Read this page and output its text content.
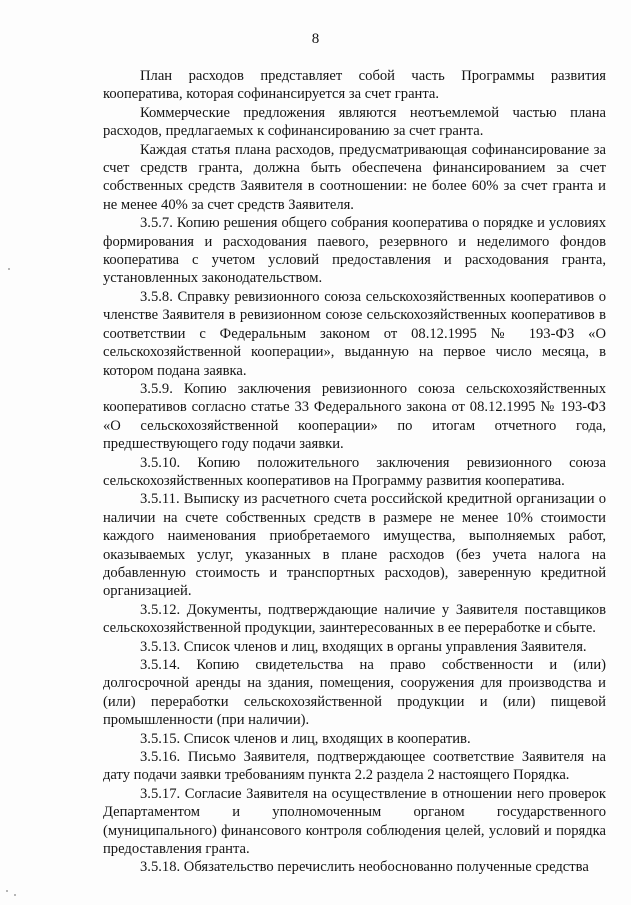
8

План расходов представляет собой часть Программы развития кооператива, которая софинансируется за счет гранта.

Коммерческие предложения являются неотъемлемой частью плана расходов, предлагаемых к софинансированию за счет гранта.

Каждая статья плана расходов, предусматривающая софинансирование за счет средств гранта, должна быть обеспечена финансированием за счет собственных средств Заявителя в соотношении: не более 60% за счет гранта и не менее 40% за счет средств Заявителя.

3.5.7. Копию решения общего собрания кооператива о порядке и условиях формирования и расходования паевого, резервного и неделимого фондов кооператива с учетом условий предоставления и расходования гранта, установленных законодательством.

3.5.8. Справку ревизионного союза сельскохозяйственных кооперативов о членстве Заявителя в ревизионном союзе сельскохозяйственных кооперативов в соответствии с Федеральным законом от 08.12.1995 № 193-ФЗ «О сельскохозяйственной кооперации», выданную на первое число месяца, в котором подана заявка.

3.5.9. Копию заключения ревизионного союза сельскохозяйственных кооперативов согласно статье 33 Федерального закона от 08.12.1995 № 193-ФЗ «О сельскохозяйственной кооперации» по итогам отчетного года, предшествующего году подачи заявки.

3.5.10. Копию положительного заключения ревизионного союза сельскохозяйственных кооперативов на Программу развития кооператива.

3.5.11. Выписку из расчетного счета российской кредитной организации о наличии на счете собственных средств в размере не менее 10% стоимости каждого наименования приобретаемого имущества, выполняемых работ, оказываемых услуг, указанных в плане расходов (без учета налога на добавленную стоимость и транспортных расходов), заверенную кредитной организацией.

3.5.12. Документы, подтверждающие наличие у Заявителя поставщиков сельскохозяйственной продукции, заинтересованных в ее переработке и сбыте.

3.5.13. Список членов и лиц, входящих в органы управления Заявителя.

3.5.14. Копию свидетельства на право собственности и (или) долгосрочной аренды на здания, помещения, сооружения для производства и (или) переработки сельскохозяйственной продукции и (или) пищевой промышленности (при наличии).

3.5.15. Список членов и лиц, входящих в кооператив.

3.5.16. Письмо Заявителя, подтверждающее соответствие Заявителя на дату подачи заявки требованиям пункта 2.2 раздела 2 настоящего Порядка.

3.5.17. Согласие Заявителя на осуществление в отношении него проверок Департаментом и уполномоченным органом государственного (муниципального) финансового контроля соблюдения целей, условий и порядка предоставления гранта.

3.5.18. Обязательство перечислить необоснованно полученные средства
